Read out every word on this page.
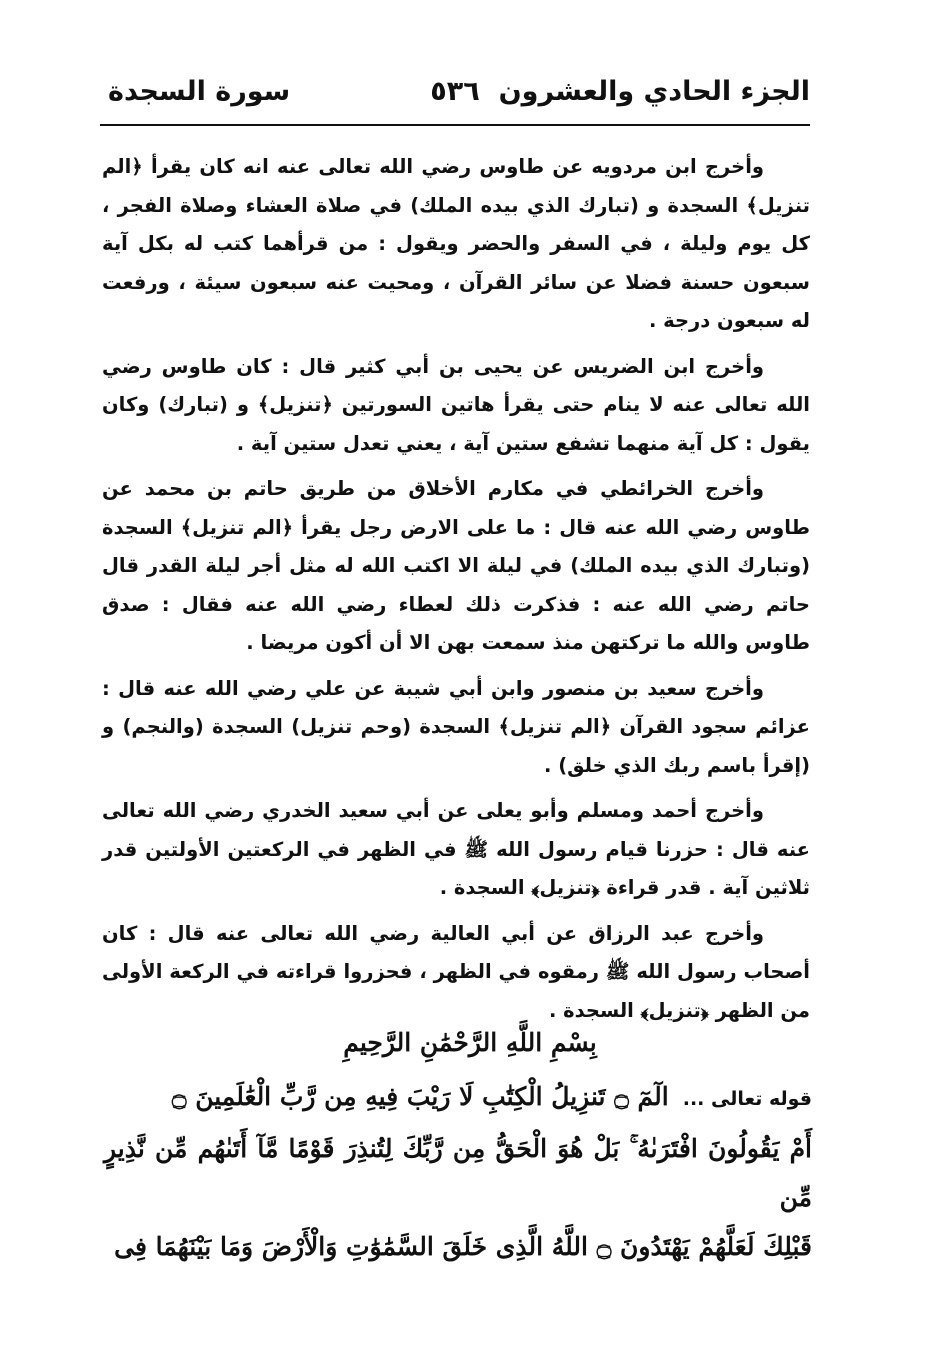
الجزء الحادي والعشرون
٥٣٦
سورة السجدة

وأخرج ابن مردويه عن طاوس رضي الله تعالى عنه انه كان يقرأ ﴿الم تنزيل﴾ السجدة و (تبارك الذي بيده الملك) في صلاة العشاء وصلاة الفجر ، كل يوم وليلة ، في السفر والحضر ويقول : من قرأهما كتب له بكل آية سبعون حسنة فضلا عن سائر القرآن ، ومحيت عنه سبعون سيئة ، ورفعت له سبعون درجة .

وأخرج ابن الضريس عن يحيى بن أبي كثير قال : كان طاوس رضي الله تعالى عنه لا ينام حتى يقرأ هاتين السورتين ﴿تنزيل﴾ و (تبارك) وكان يقول : كل آية منهما تشفع ستين آية ، يعني تعدل ستين آية .

وأخرج الخرائطي في مكارم الأخلاق من طريق حاتم بن محمد عن طاوس رضي الله عنه قال : ما على الارض رجل يقرأ ﴿الم تنزيل﴾ السجدة (وتبارك الذي بيده الملك) في ليلة الا اكتب الله له مثل أجر ليلة القدر قال حاتم رضي الله عنه : فذكرت ذلك لعطاء رضي الله عنه فقال : صدق طاوس والله ما تركتهن منذ سمعت بهن الا أن أكون مريضا .

وأخرج سعيد بن منصور وابن أبي شيبة عن علي رضي الله عنه قال : عزائم سجود القرآن ﴿الم تنزيل﴾ السجدة (وحم تنزيل) السجدة (والنجم) و (إقرأ باسم ربك الذي خلق) .

وأخرج أحمد ومسلم وأبو يعلى عن أبي سعيد الخدري رضي الله تعالى عنه قال : حزرنا قيام رسول الله ﷺ في الظهر في الركعتين الأولتين قدر ثلاثين آية . قدر قراءة ﴿تنزيل﴾ السجدة .

وأخرج عبد الرزاق عن أبي العالية رضي الله تعالى عنه قال : كان أصحاب رسول الله ﷺ رمقوه في الظهر ، فحزروا قراءته في الركعة الأولى من الظهر ﴿تنزيل﴾ السجدة .

بِسْمِ اللَّهِ الرَّحْمَٰنِ الرَّحِيمِ

قوله تعالى ...الٓمٓ ۝ تَنزِيلُ الْكِتَٰبِ لَا رَيْبَ فِيهِ مِن رَّبِّ الْعَٰلَمِينَ ۝

أَمْ يَقُولُونَ افْتَرَىٰهُ ۚ بَلْ هُوَ الْحَقُّ مِن رَّبِّكَ لِتُنذِرَ قَوْمًا مَّآ أَتَىٰهُم مِّن نَّذِيرٍ مِّن

قَبْلِكَ لَعَلَّهُمْ يَهْتَدُونَ ۝ اللَّهُ الَّذِى خَلَقَ السَّمَٰوَٰتِ وَالْأَرْضَ وَمَا بَيْنَهُمَا فِى
